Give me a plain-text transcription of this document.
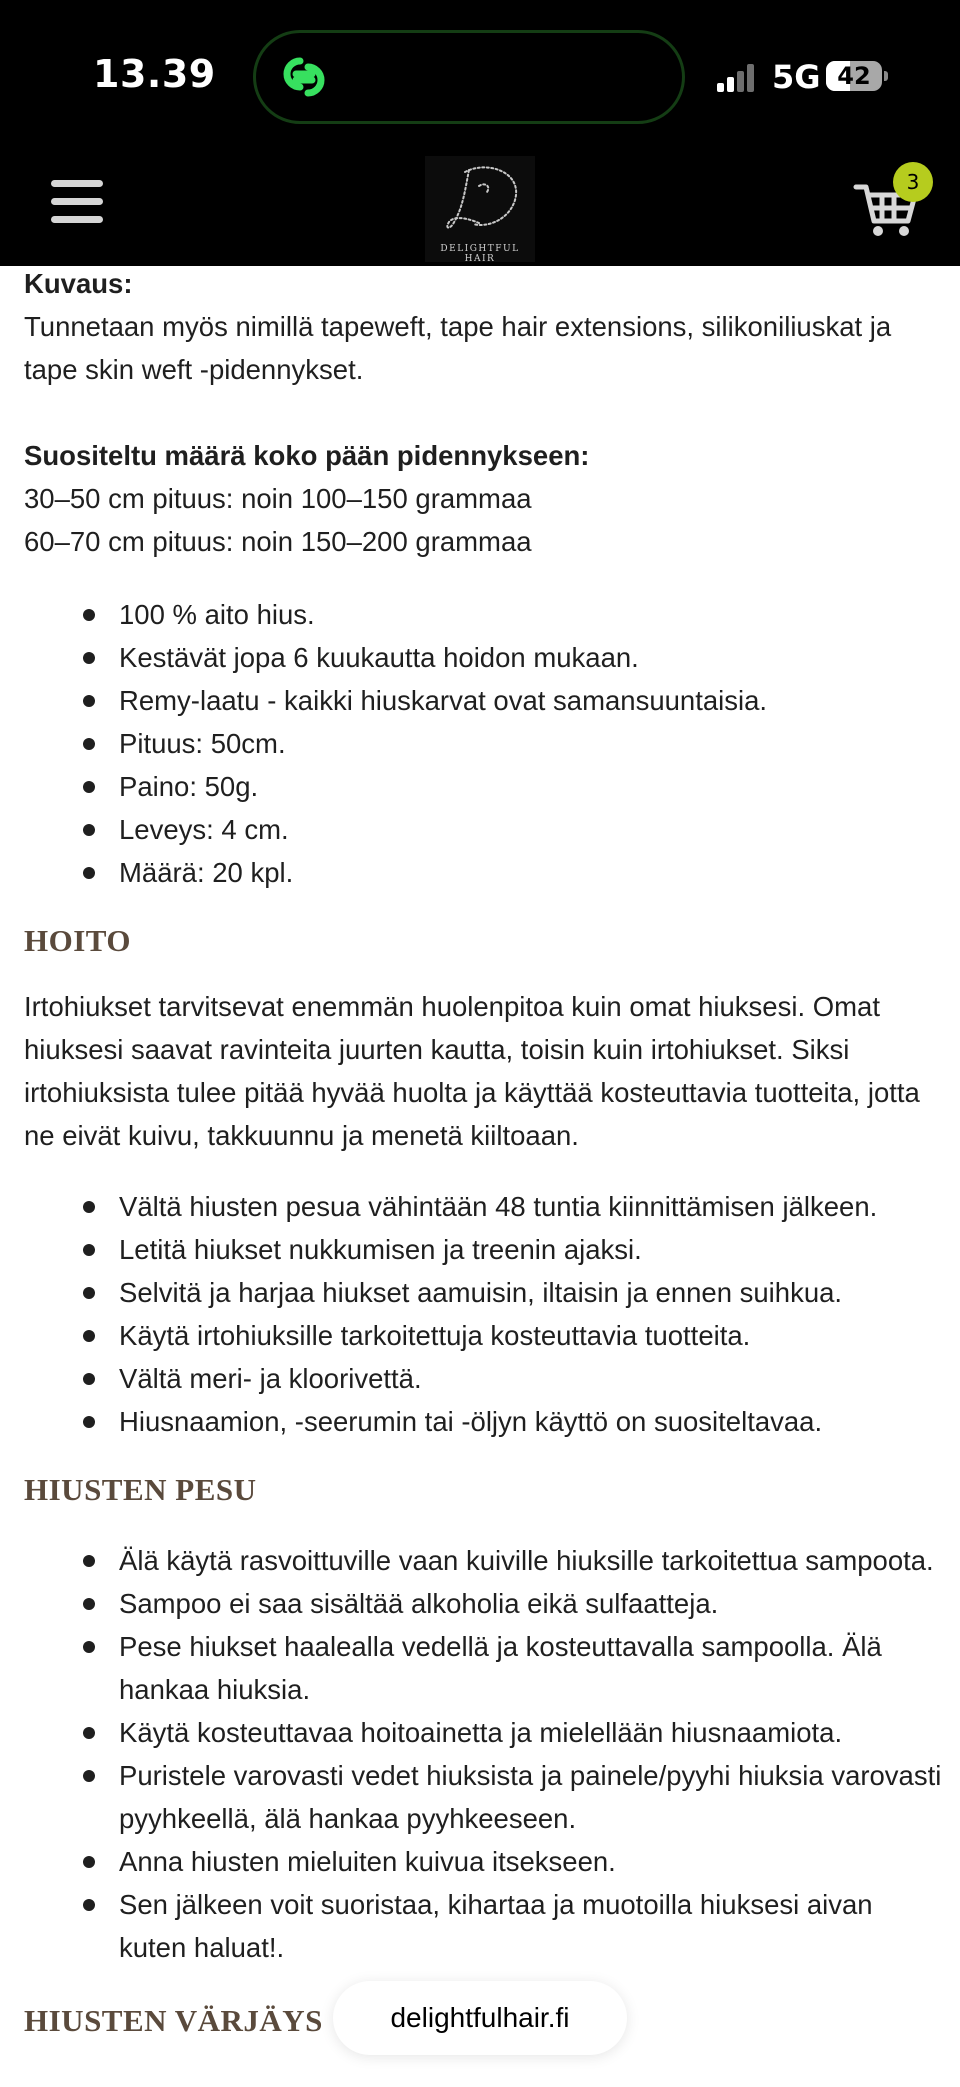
13.39	5G 42
DELIGHTFUL HAIR
3

Kuvaus:

Tunnetaan myös nimillä tapeweft, tape hair extensions, silikoniliuskat ja tape skin weft -pidennykset.

Suositeltu määrä koko pään pidennykseen:

30–50 cm pituus: noin 100–150 grammaa

60–70 cm pituus: noin 150–200 grammaa

100 % aito hius.
Kestävät jopa 6 kuukautta hoidon mukaan.
Remy-laatu - kaikki hiuskarvat ovat samansuuntaisia.
Pituus: 50cm.
Paino: 50g.
Leveys: 4 cm.
Määrä: 20 kpl.
HOITO

Irtohiukset tarvitsevat enemmän huolenpitoa kuin omat hiuksesi. Omat hiuksesi saavat ravinteita juurten kautta, toisin kuin irtohiukset. Siksi irtohiuksista tulee pitää hyvää huolta ja käyttää kosteuttavia tuotteita, jotta ne eivät kuivu, takkuunnu ja menetä kiiltoaan.

Vältä hiusten pesua vähintään 48 tuntia kiinnittämisen jälkeen.
Letitä hiukset nukkumisen ja treenin ajaksi.
Selvitä ja harjaa hiukset aamuisin, iltaisin ja ennen suihkua.
Käytä irtohiuksille tarkoitettuja kosteuttavia tuotteita.
Vältä meri- ja kloorivettä.
Hiusnaamion, -seerumin tai -öljyn käyttö on suositeltavaa.
HIUSTEN PESU
Älä käytä rasvoittuville vaan kuiville hiuksille tarkoitettua sampoota.
Sampoo ei saa sisältää alkoholia eikä sulfaatteja.
Pese hiukset haalealla vedellä ja kosteuttavalla sampoolla. Älä hankaa hiuksia.
Käytä kosteuttavaa hoitoainetta ja mielellään hiusnaamiota.
Puristele varovasti vedet hiuksista ja painele/pyyhi hiuksia varovasti pyyhkeellä, älä hankaa pyyhkeeseen.
Anna hiusten mieluiten kuivua itsekseen.
Sen jälkeen voit suoristaa, kihartaa ja muotoilla hiuksesi aivan kuten haluat!.
HIUSTEN VÄRJÄYS	delightfulhair.fi
